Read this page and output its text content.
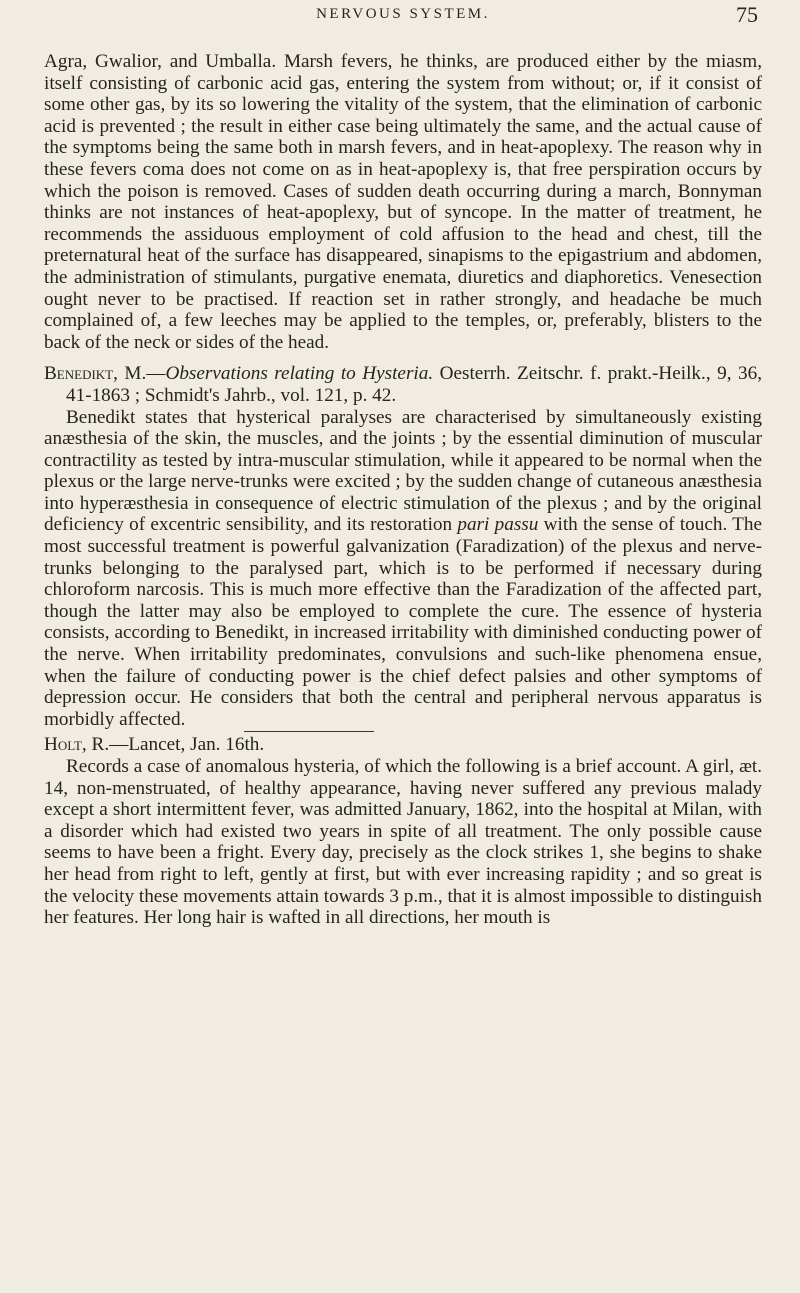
NERVOUS SYSTEM.	75

Agra, Gwalior, and Umballa. Marsh fevers, he thinks, are produced either by the miasm, itself consisting of carbonic acid gas, entering the system from without; or, if it consist of some other gas, by its so lowering the vitality of the system, that the elimination of carbonic acid is prevented ; the result in either case being ultimately the same, and the actual cause of the symptoms being the same both in marsh fevers, and in heat-apoplexy. The reason why in these fevers coma does not come on as in heat-apoplexy is, that free perspiration occurs by which the poison is removed. Cases of sudden death occurring during a march, Bonnyman thinks are not instances of heat-apoplexy, but of syncope. In the matter of treatment, he recommends the assiduous employment of cold affusion to the head and chest, till the preternatural heat of the surface has disappeared, sinapisms to the epigastrium and abdomen, the administration of stimulants, purgative enemata, diuretics and diaphoretics. Venesection ought never to be practised. If reaction set in rather strongly, and headache be much complained of, a few leeches may be applied to the temples, or, preferably, blisters to the back of the neck or sides of the head.

Benedikt, M.—Observations relating to Hysteria. Oesterrh. Zeitschr. f. prakt.-Heilk., 9, 36, 41-1863 ; Schmidt's Jahrb., vol. 121, p. 42.

Benedikt states that hysterical paralyses are characterised by simultaneously existing anæsthesia of the skin, the muscles, and the joints ; by the essential diminution of muscular contractility as tested by intra-muscular stimulation, while it appeared to be normal when the plexus or the large nerve-trunks were excited ; by the sudden change of cutaneous anæsthesia into hyperæsthesia in consequence of electric stimulation of the plexus ; and by the original deficiency of excentric sensibility, and its restoration pari passu with the sense of touch. The most successful treatment is powerful galvanization (Faradization) of the plexus and nerve-trunks belonging to the paralysed part, which is to be performed if necessary during chloroform narcosis. This is much more effective than the Faradization of the affected part, though the latter may also be employed to complete the cure. The essence of hysteria consists, according to Benedikt, in increased irritability with diminished conducting power of the nerve. When irritability predominates, convulsions and such-like phenomena ensue, when the failure of conducting power is the chief defect palsies and other symptoms of depression occur. He considers that both the central and peripheral nervous apparatus is morbidly affected.

Holt, R.—Lancet, Jan. 16th.

Records a case of anomalous hysteria, of which the following is a brief account. A girl, æt. 14, non-menstruated, of healthy appearance, having never suffered any previous malady except a short intermittent fever, was admitted January, 1862, into the hospital at Milan, with a disorder which had existed two years in spite of all treatment. The only possible cause seems to have been a fright. Every day, precisely as the clock strikes 1, she begins to shake her head from right to left, gently at first, but with ever increasing rapidity ; and so great is the velocity these movements attain towards 3 p.m., that it is almost impossible to distinguish her features. Her long hair is wafted in all directions, her mouth is
